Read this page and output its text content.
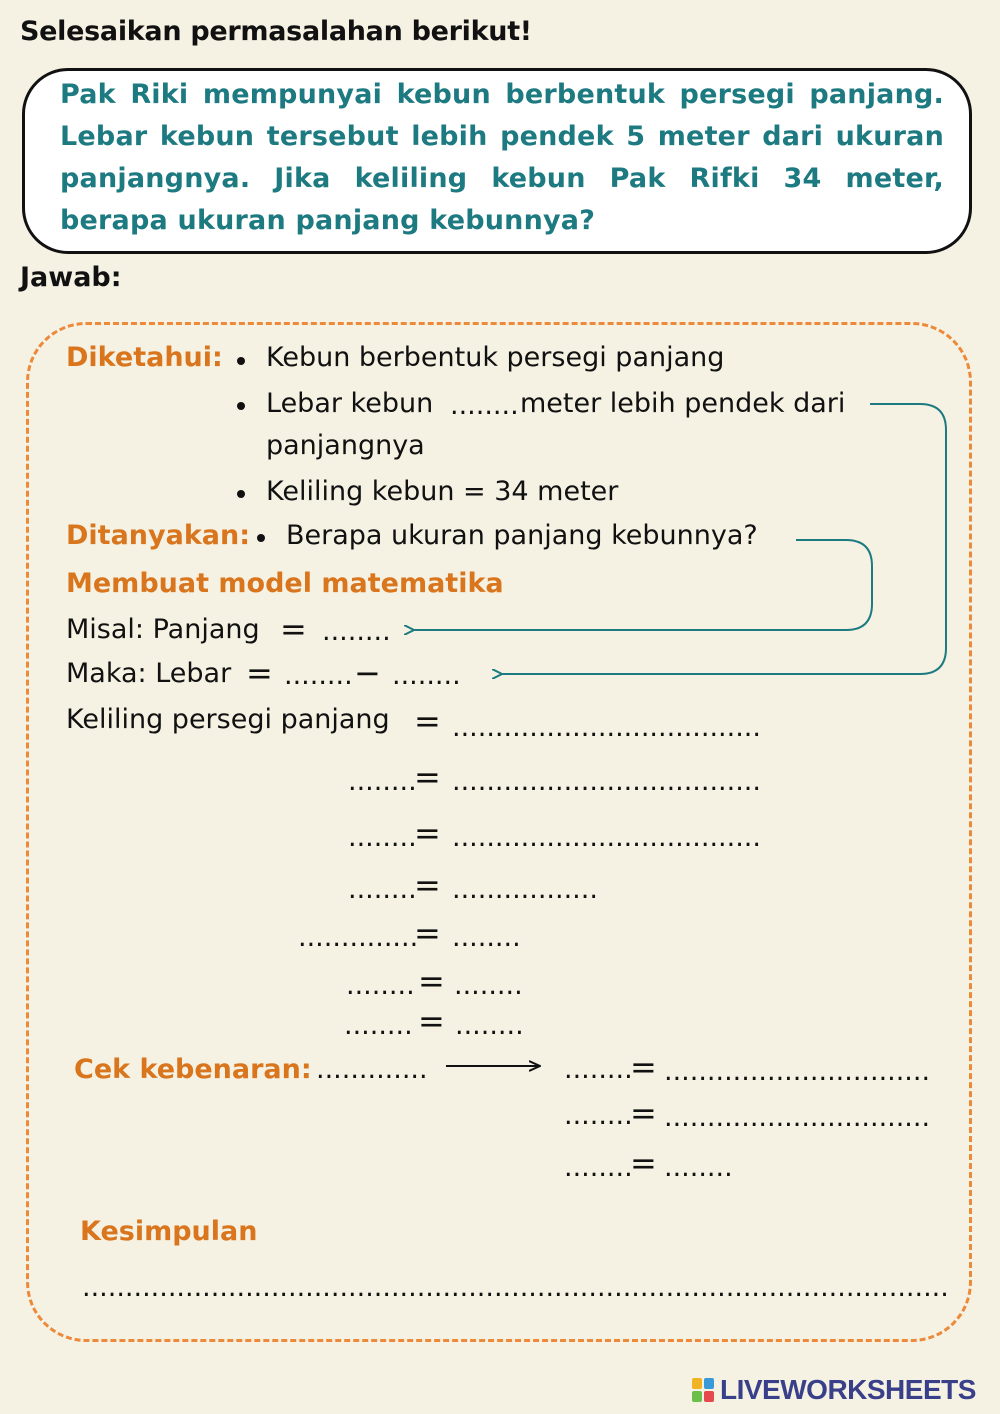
Selesaikan permasalahan berikut!
Pak Riki mempunyai kebun berbentuk persegi panjang. Lebar kebun tersebut lebih pendek 5 meter dari ukuran panjangnya. Jika keliling kebun Pak Rifki 34 meter, berapa ukuran panjang kebunnya?
Jawab:
Diketahui: Kebun berbentuk persegi panjang
Lebar kebun ........ meter lebih pendek dari
panjangnya
Keliling kebun = 34 meter
Ditanyakan: Berapa ukuran panjang kebunnya?
Membuat model matematika
Misal: Panjang = ........
Maka: Lebar = ........ − ........
Keliling persegi panjang = ....................................
........
= ....................................
........
= ....................................
........
= .................
..............
= ........
........ = ........
........ = ........
Cek kebenaran: .............	........
= ...............................
........
= ...............................
........
= ........
Kesimpulan
.....................................................................................................
LIVEWORKSHEETS
